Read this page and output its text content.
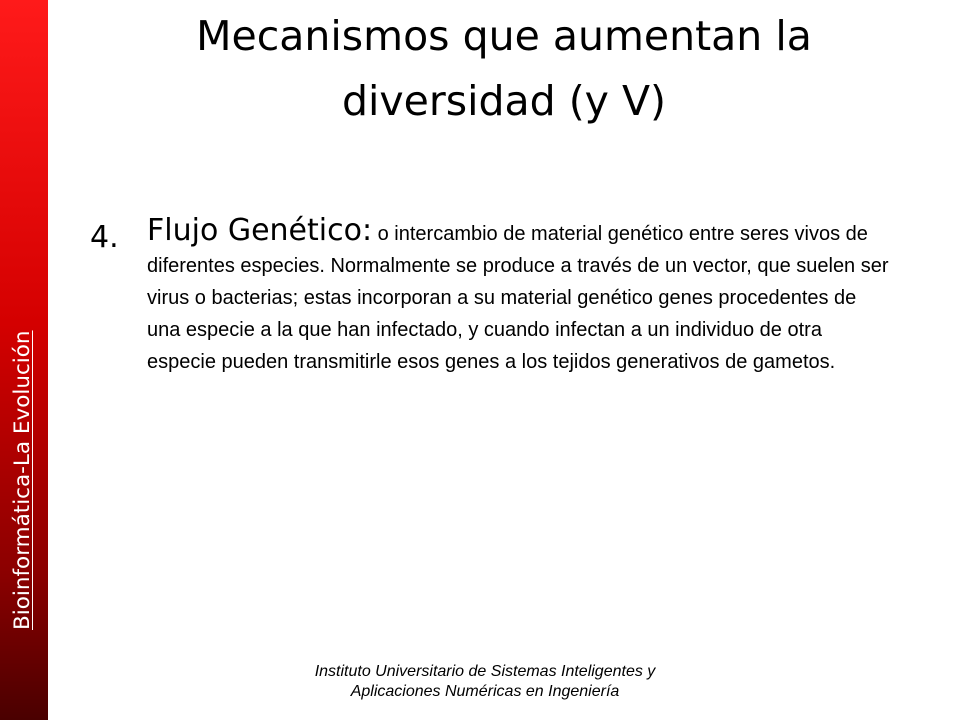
Bioinformática-La Evolución
Mecanismos que aumentan la
diversidad (y V)
4. Flujo Genético: o intercambio de material genético entre seres vivos de diferentes especies. Normalmente se produce a través de un vector, que suelen ser virus o bacterias; estas incorporan a su material genético genes procedentes de una especie a la que han infectado, y cuando infectan a un individuo de otra especie pueden transmitirle esos genes a los tejidos generativos de gametos.
Instituto Universitario de Sistemas Inteligentes y
Aplicaciones Numéricas en Ingeniería
